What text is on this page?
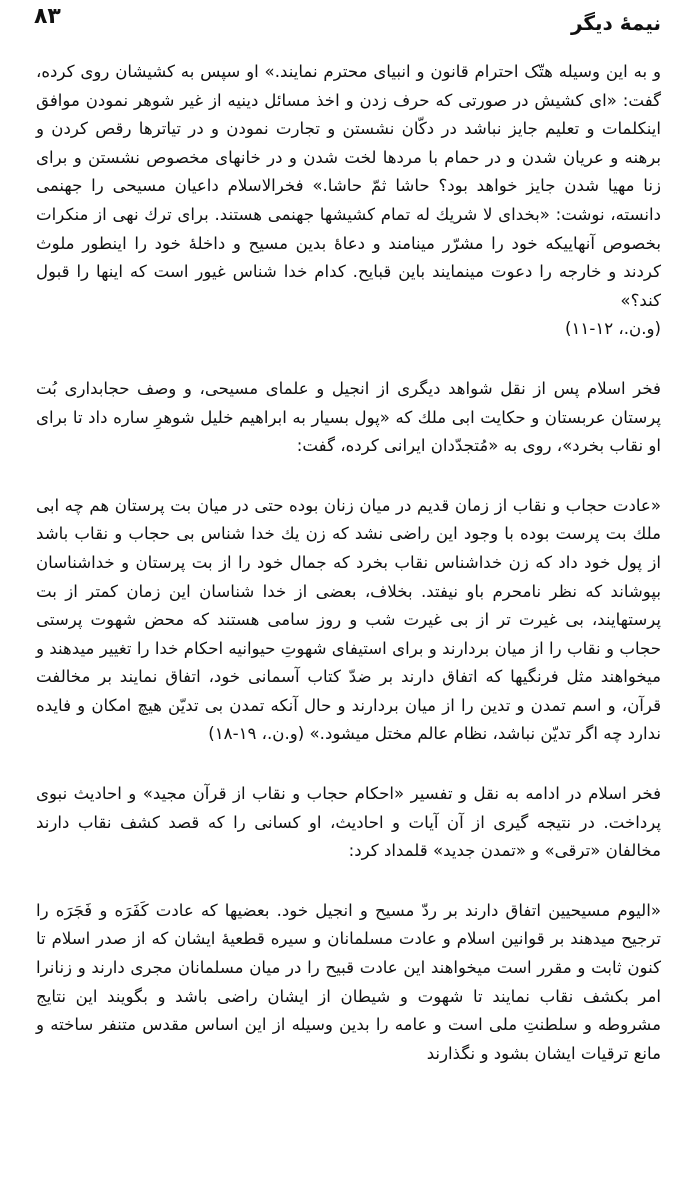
نیمهٔ دیگر
۸۳

و به این وسیله هتّک احترام قانون و انبیای محترم نمایند.» او سپس به کشیشان روی کرده، گفت: «ای کشیش در صورتی که حرف زدن و اخذ مسائل دینیه از غیر شوهر نمودن موافق اینکلمات و تعلیم جایز نباشد در دکّان نشستن و تجارت نمودن و در تیاترها رقص کردن و برهنه و عریان شدن و در حمام با مردها لخت شدن و در خانهای مخصوص نشستن و برای زنا مهیا شدن جایز خواهد بود؟ حاشا ثمّ حاشا.» فخرالاسلام داعیان مسیحی را جهنمی دانسته، نوشت: «بخدای لا شریك له تمام کشیشها جهنمی هستند. برای ترك نهی از منکرات بخصوص آنهاییکه خود را مشرّر مینامند و دعاهٔ بدین مسیح و داخلهٔ خود را اینطور ملوث کردند و خارجه را دعوت مینمایند باین قبایح. کدام خدا شناس غیور است که اینها را قبول کند؟»

(و.ن.، ۱۲-۱۱)

فخر اسلام پس از نقل شواهد دیگری از انجیل و علمای مسیحی، و وصف حجابداری بُت پرستان عربستان و حکایت ابی ملك که «پول بسیار به ابراهیم خلیل شوهرِ ساره داد تا برای او نقاب بخرد»، روی به «مُتجدّدان ایرانی کرده، گفت:

«عادت حجاب و نقاب از زمان قدیم در میان زنان بوده حتی در میان بت پرستان هم چه ابی ملك بت پرست بوده با وجود این راضی نشد که زن یك خدا شناس بی حجاب و نقاب باشد از پول خود داد که زن خداشناس نقاب بخرد که جمال خود را از بت پرستان و خداشناسان بپوشاند که نظر نامحرم باو نیفتد. بخلاف، بعضی از خدا شناسان این زمان کمتر از بت پرستهایند، بی غیرت تر از بی غیرت شب و روز سامی هستند که محض شهوت پرستی حجاب و نقاب را از میان بردارند و برای استیفای شهوتِ حیوانیه احکام خدا را تغییر میدهند و میخواهند مثل فرنگیها که اتفاق دارند بر ضدّ کتاب آسمانی خود، اتفاق نمایند بر مخالفت قرآن، و اسم تمدن و تدین را از میان بردارند و حال آنکه تمدن بی تدیّن هیچ امکان و فایده ندارد چه اگر تدیّن نباشد، نظام عالم مختل میشود.» (و.ن.، ۱۹-۱۸)

فخر اسلام در ادامه به نقل و تفسیر «احکام حجاب و نقاب از قرآن مجید» و احادیث نبوی پرداخت. در نتیجه گیری از آن آیات و احادیث، او کسانی را که قصد کشف نقاب دارند مخالفان «ترقی» و «تمدن جدید» قلمداد کرد:

«الیوم مسیحیین اتفاق دارند بر ردّ مسیح و انجیل خود. بعضیها که عادت کَفَرَه و فَجَرَه را ترجیح میدهند بر قوانین اسلام و عادت مسلمانان و سیره قطعیهٔ ایشان که از صدر اسلام تا کنون ثابت و مقرر است میخواهند این عادت قبیح را در میان مسلمانان مجری دارند و زنانرا امر بکشف نقاب نمایند تا شهوت و شیطان از ایشان راضی باشد و بگویند این نتایج مشروطه و سلطنتِ ملی است و عامه را بدین وسیله از این اساس مقدس متنفر ساخته و مانع ترقیات ایشان بشود و نگذارند
